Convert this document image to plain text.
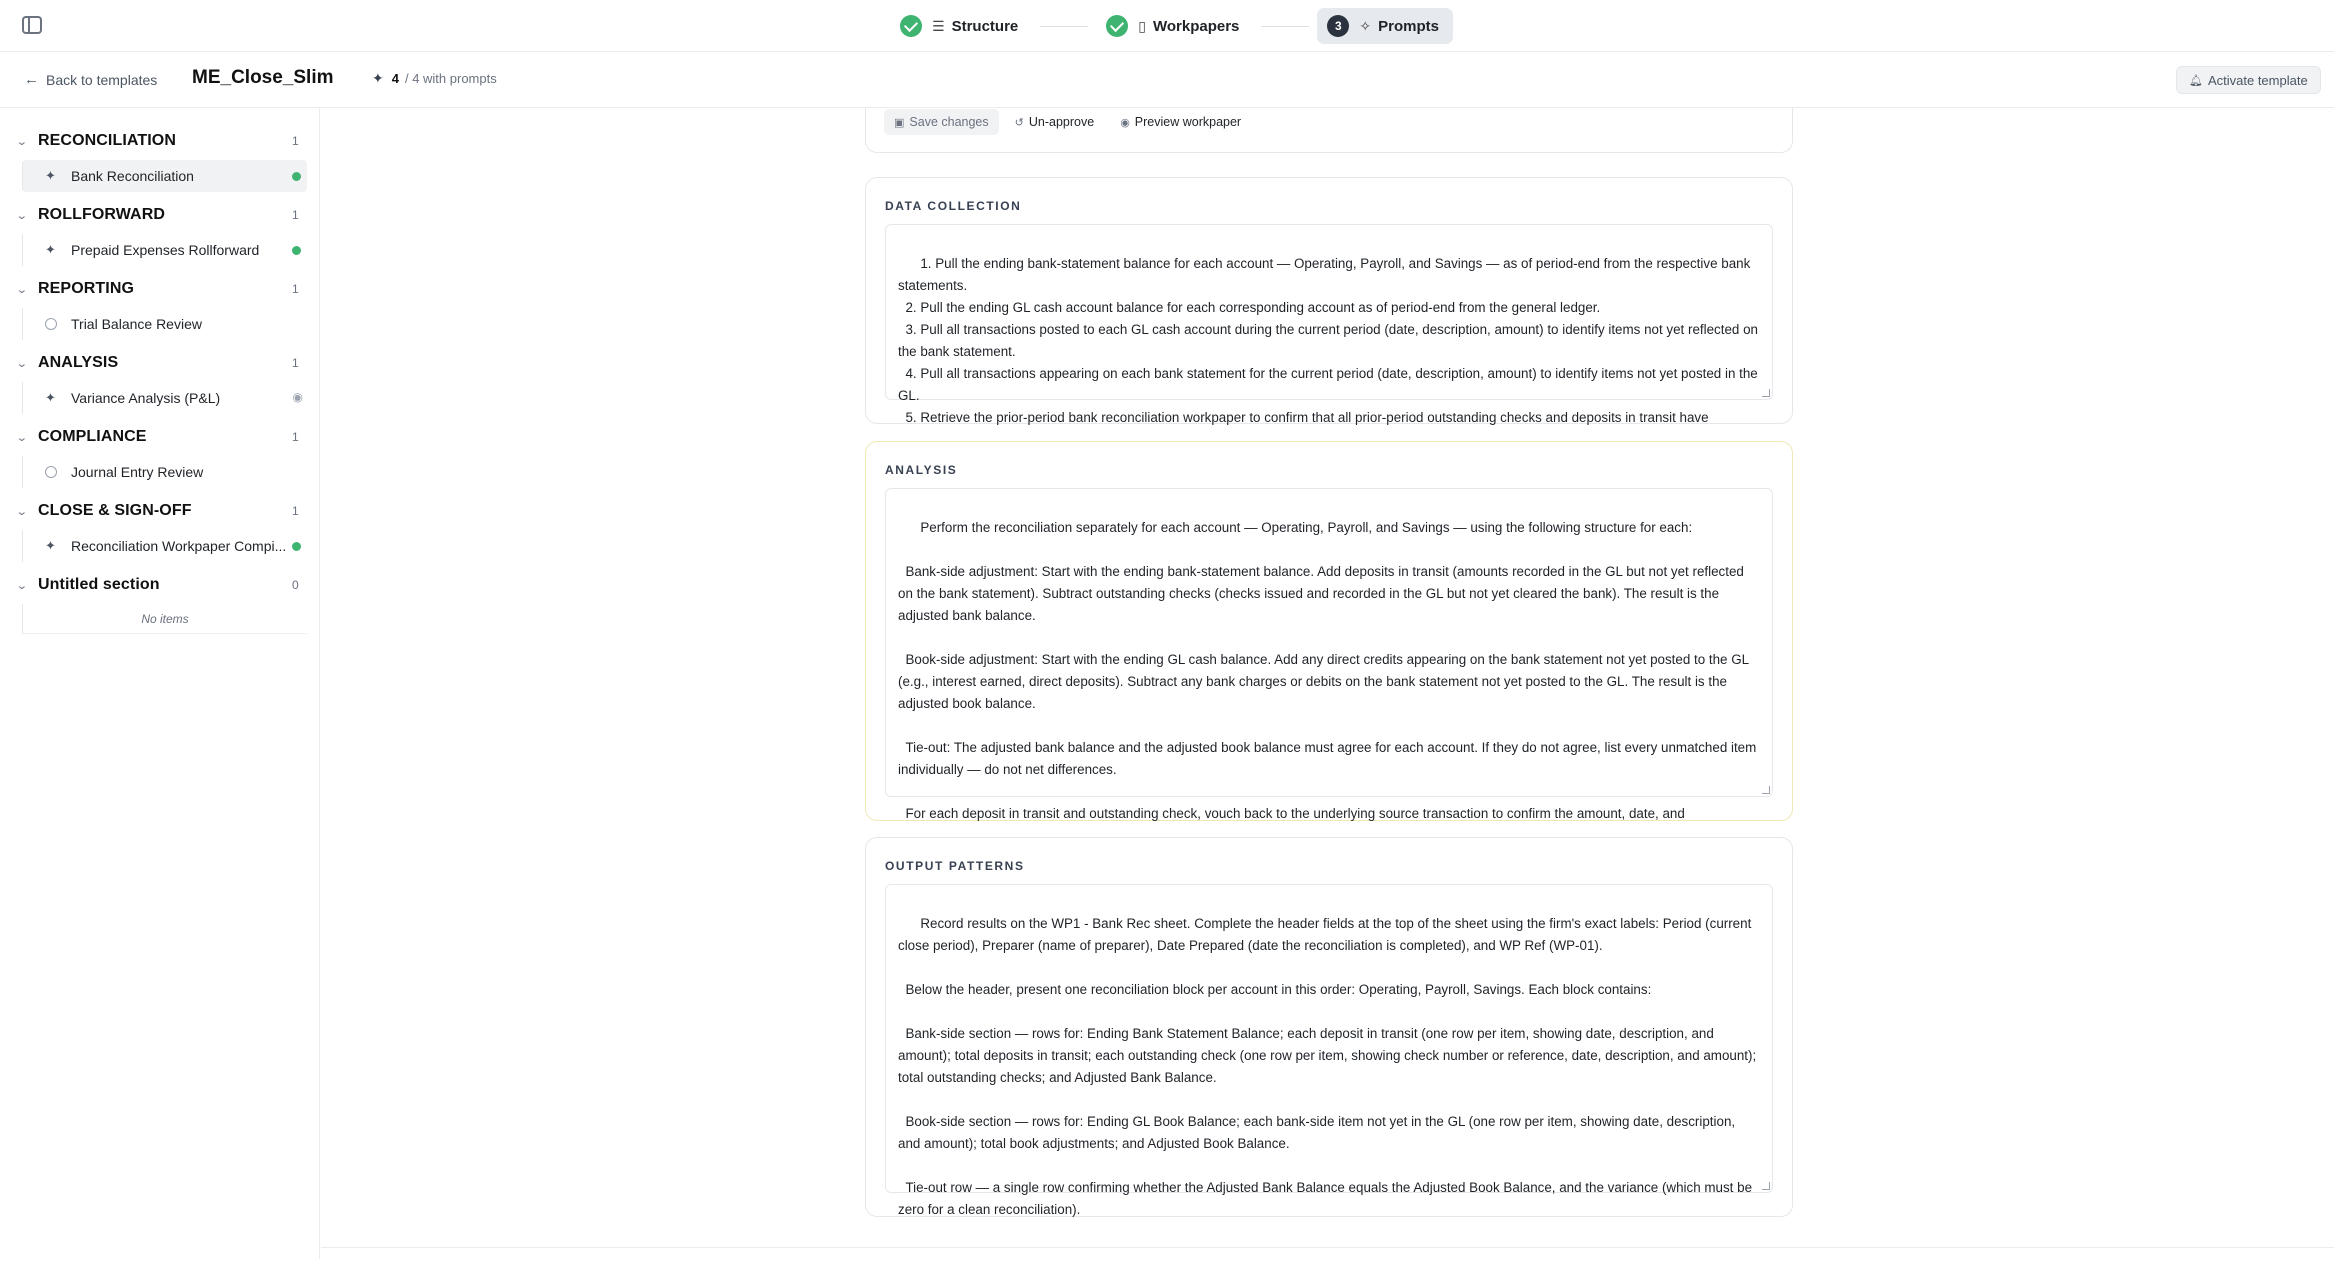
☰ Structure	▯ Workpapers	3	✧ Prompts
← Back to templates ME_Close_Slim	✦ 4 / 4 with prompts	🔔︎ Activate template
⌄ RECONCILIATION	1
✦ Bank Reconciliation
⌄ ROLLFORWARD	1
✦ Prepaid Expenses Rollforward
⌄ REPORTING	1
Trial Balance Review
⌄ ANALYSIS	1
✦ Variance Analysis (P&L)	◉
⌄ COMPLIANCE	1
Journal Entry Review
⌄ CLOSE & SIGN-OFF	1
✦ Reconciliation Workpaper Compi...
⌄ Untitled section	0
No items
▣ Save changes ↺ Un-approve ◉ Preview workpaper
DATA COLLECTION

1. Pull the ending bank-statement balance for each account — Operating, Payroll, and Savings — as of period-end from the respective bank statements.
2. Pull the ending GL cash account balance for each corresponding account as of period-end from the general ledger.
3. Pull all transactions posted to each GL cash account during the current period (date, description, amount) to identify items not yet reflected on the bank statement.
4. Pull all transactions appearing on each bank statement for the current period (date, description, amount) to identify items not yet posted in the GL.
5. Retrieve the prior-period bank reconciliation workpaper to confirm that all prior-period outstanding checks and deposits in transit have

ANALYSIS

Perform the reconciliation separately for each account — Operating, Payroll, and Savings — using the following structure for each:

Bank-side adjustment: Start with the ending bank-statement balance. Add deposits in transit (amounts recorded in the GL but not yet reflected on the bank statement). Subtract outstanding checks (checks issued and recorded in the GL but not yet cleared the bank). The result is the adjusted bank balance.

Book-side adjustment: Start with the ending GL cash balance. Add any direct credits appearing on the bank statement not yet posted to the GL (e.g., interest earned, direct deposits). Subtract any bank charges or debits on the bank statement not yet posted to the GL. The result is the adjusted book balance.

Tie-out: The adjusted bank balance and the adjusted book balance must agree for each account. If they do not agree, list every unmatched item individually — do not net differences.

For each deposit in transit and outstanding check, vouch back to the underlying source transaction to confirm the amount, date, and

OUTPUT PATTERNS

Record results on the WP1 - Bank Rec sheet. Complete the header fields at the top of the sheet using the firm's exact labels: Period (current close period), Preparer (name of preparer), Date Prepared (date the reconciliation is completed), and WP Ref (WP-01).

Below the header, present one reconciliation block per account in this order: Operating, Payroll, Savings. Each block contains:

Bank-side section — rows for: Ending Bank Statement Balance; each deposit in transit (one row per item, showing date, description, and amount); total deposits in transit; each outstanding check (one row per item, showing check number or reference, date, description, and amount); total outstanding checks; and Adjusted Bank Balance.

Book-side section — rows for: Ending GL Book Balance; each bank-side item not yet in the GL (one row per item, showing date, description, and amount); total book adjustments; and Adjusted Book Balance.

Tie-out row — a single row confirming whether the Adjusted Bank Balance equals the Adjusted Book Balance, and the variance (which must be zero for a clean reconciliation).
